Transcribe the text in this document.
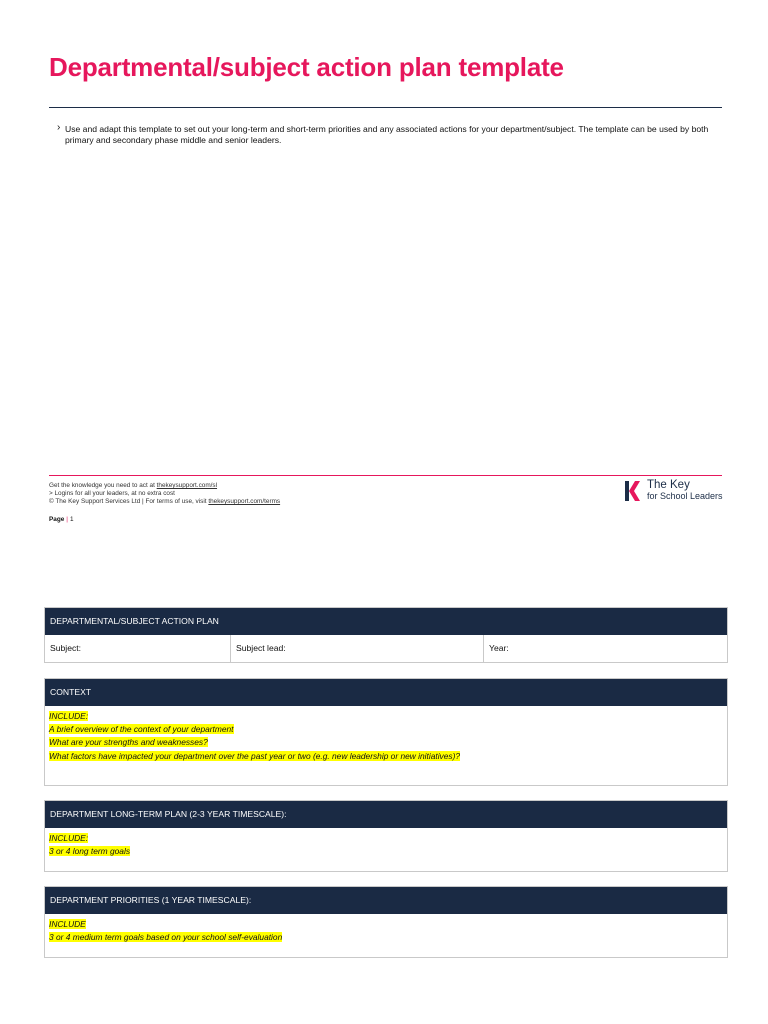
Departmental/subject action plan template
› Use and adapt this template to set out your long-term and short-term priorities and any associated actions for your department/subject. The template can be used by both primary and secondary phase middle and senior leaders.
Get the knowledge you need to act at thekeysupport.com/sl
> Logins for all your leaders, at no extra cost
© The Key Support Services Ltd | For terms of use, visit thekeysupport.com/terms
Page | 1
The Key
for School Leaders
DEPARTMENTAL/SUBJECT ACTION PLAN
Subject:	Subject lead:	Year:
CONTEXT
INCLUDE:
A brief overview of the context of your department
What are your strengths and weaknesses?
What factors have impacted your department over the past year or two (e.g. new leadership or new initiatives)?
DEPARTMENT LONG-TERM PLAN (2-3 YEAR TIMESCALE):
INCLUDE:
3 or 4 long term goals
DEPARTMENT PRIORITIES (1 YEAR TIMESCALE):
INCLUDE
3 or 4 medium term goals based on your school self-evaluation
